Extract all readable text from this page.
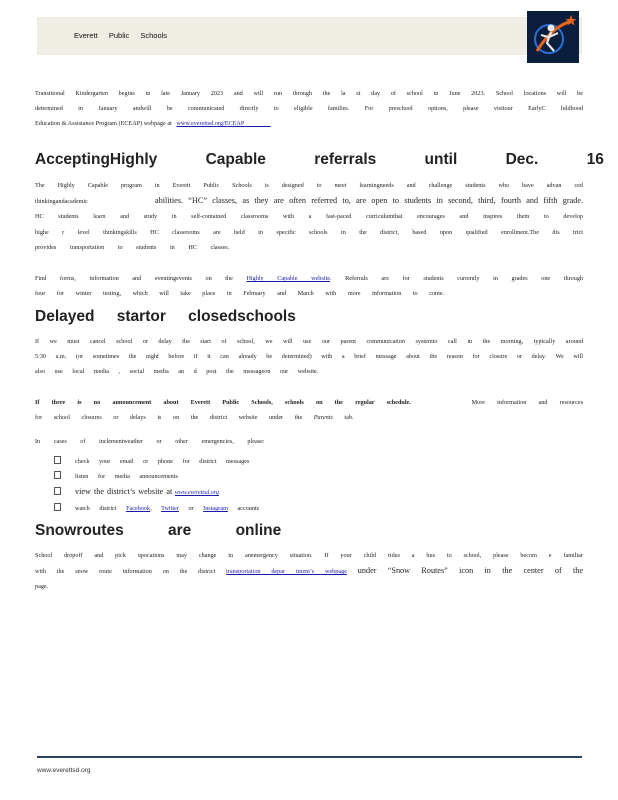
Everett Public Schools
Transitional Kindergarten begins in late January 2023 and will run through the la st day of school in June 2023. School locations will be
determined in January andwill be communicated directly to eligible families. For preschool options, please visitour EarlyC hildhood
Education & Assistance Program (ECEAP) webpage at www.everettsd.org/ECEAP
AcceptingHighly Capable referrals until Dec. 16
The Highly Capable program in Everett Public Schools is designed to meet learningneeds and challenge students who have advan ced
thinkingandacademic	abilities. “HC” classes, as they are often referred to, are open to students in second, third, fourth and fifth grade.
HC students learn and study in self-contained classrooms with a fast-paced curriculumthat encourages and inspires them to develop
highe r level thinkingskills HC classrooms are held in specific schools in the district, based upon qualified enrollment.The dis trict
provides transportation to students in HC classes.
Find forms, information and eventingevents on the Highly Capable website. Referrals are for students currently in grades one through
four for winter testing, which will take place in February and March with more information to come.
Delayed startor closedschools
If we must cancel school or delay the start of school, we will use our parent communication systemto call in the morning, typically around
5:30 a.m. (or sometimes the night before if it can already be determined) with a brief message about the reason for closure or delay. We will
also use local media , social media an d post the messageon our website.
If there is no announcement about Everett Public Schools, schools on the regular schedule.	More information and resources
for school closures or delays is on the district website under the Parents tab.
In cases of inclementweather or other emergencies, please:
check your email or phone for district messages
listen for media announcements
view the district’s website at www.everettsd.org
watch district Facebook, Twitter or Instagram accounts
Snowroutes are online
School dropoff and pick upocations may change in anemergency situation. If your child rides a bus to school, please becom e familiar
with the snow route information on the district transportation depar tment’s webpage under “Snow Routes” icon in the center of the
page.
www.everettsd.org
